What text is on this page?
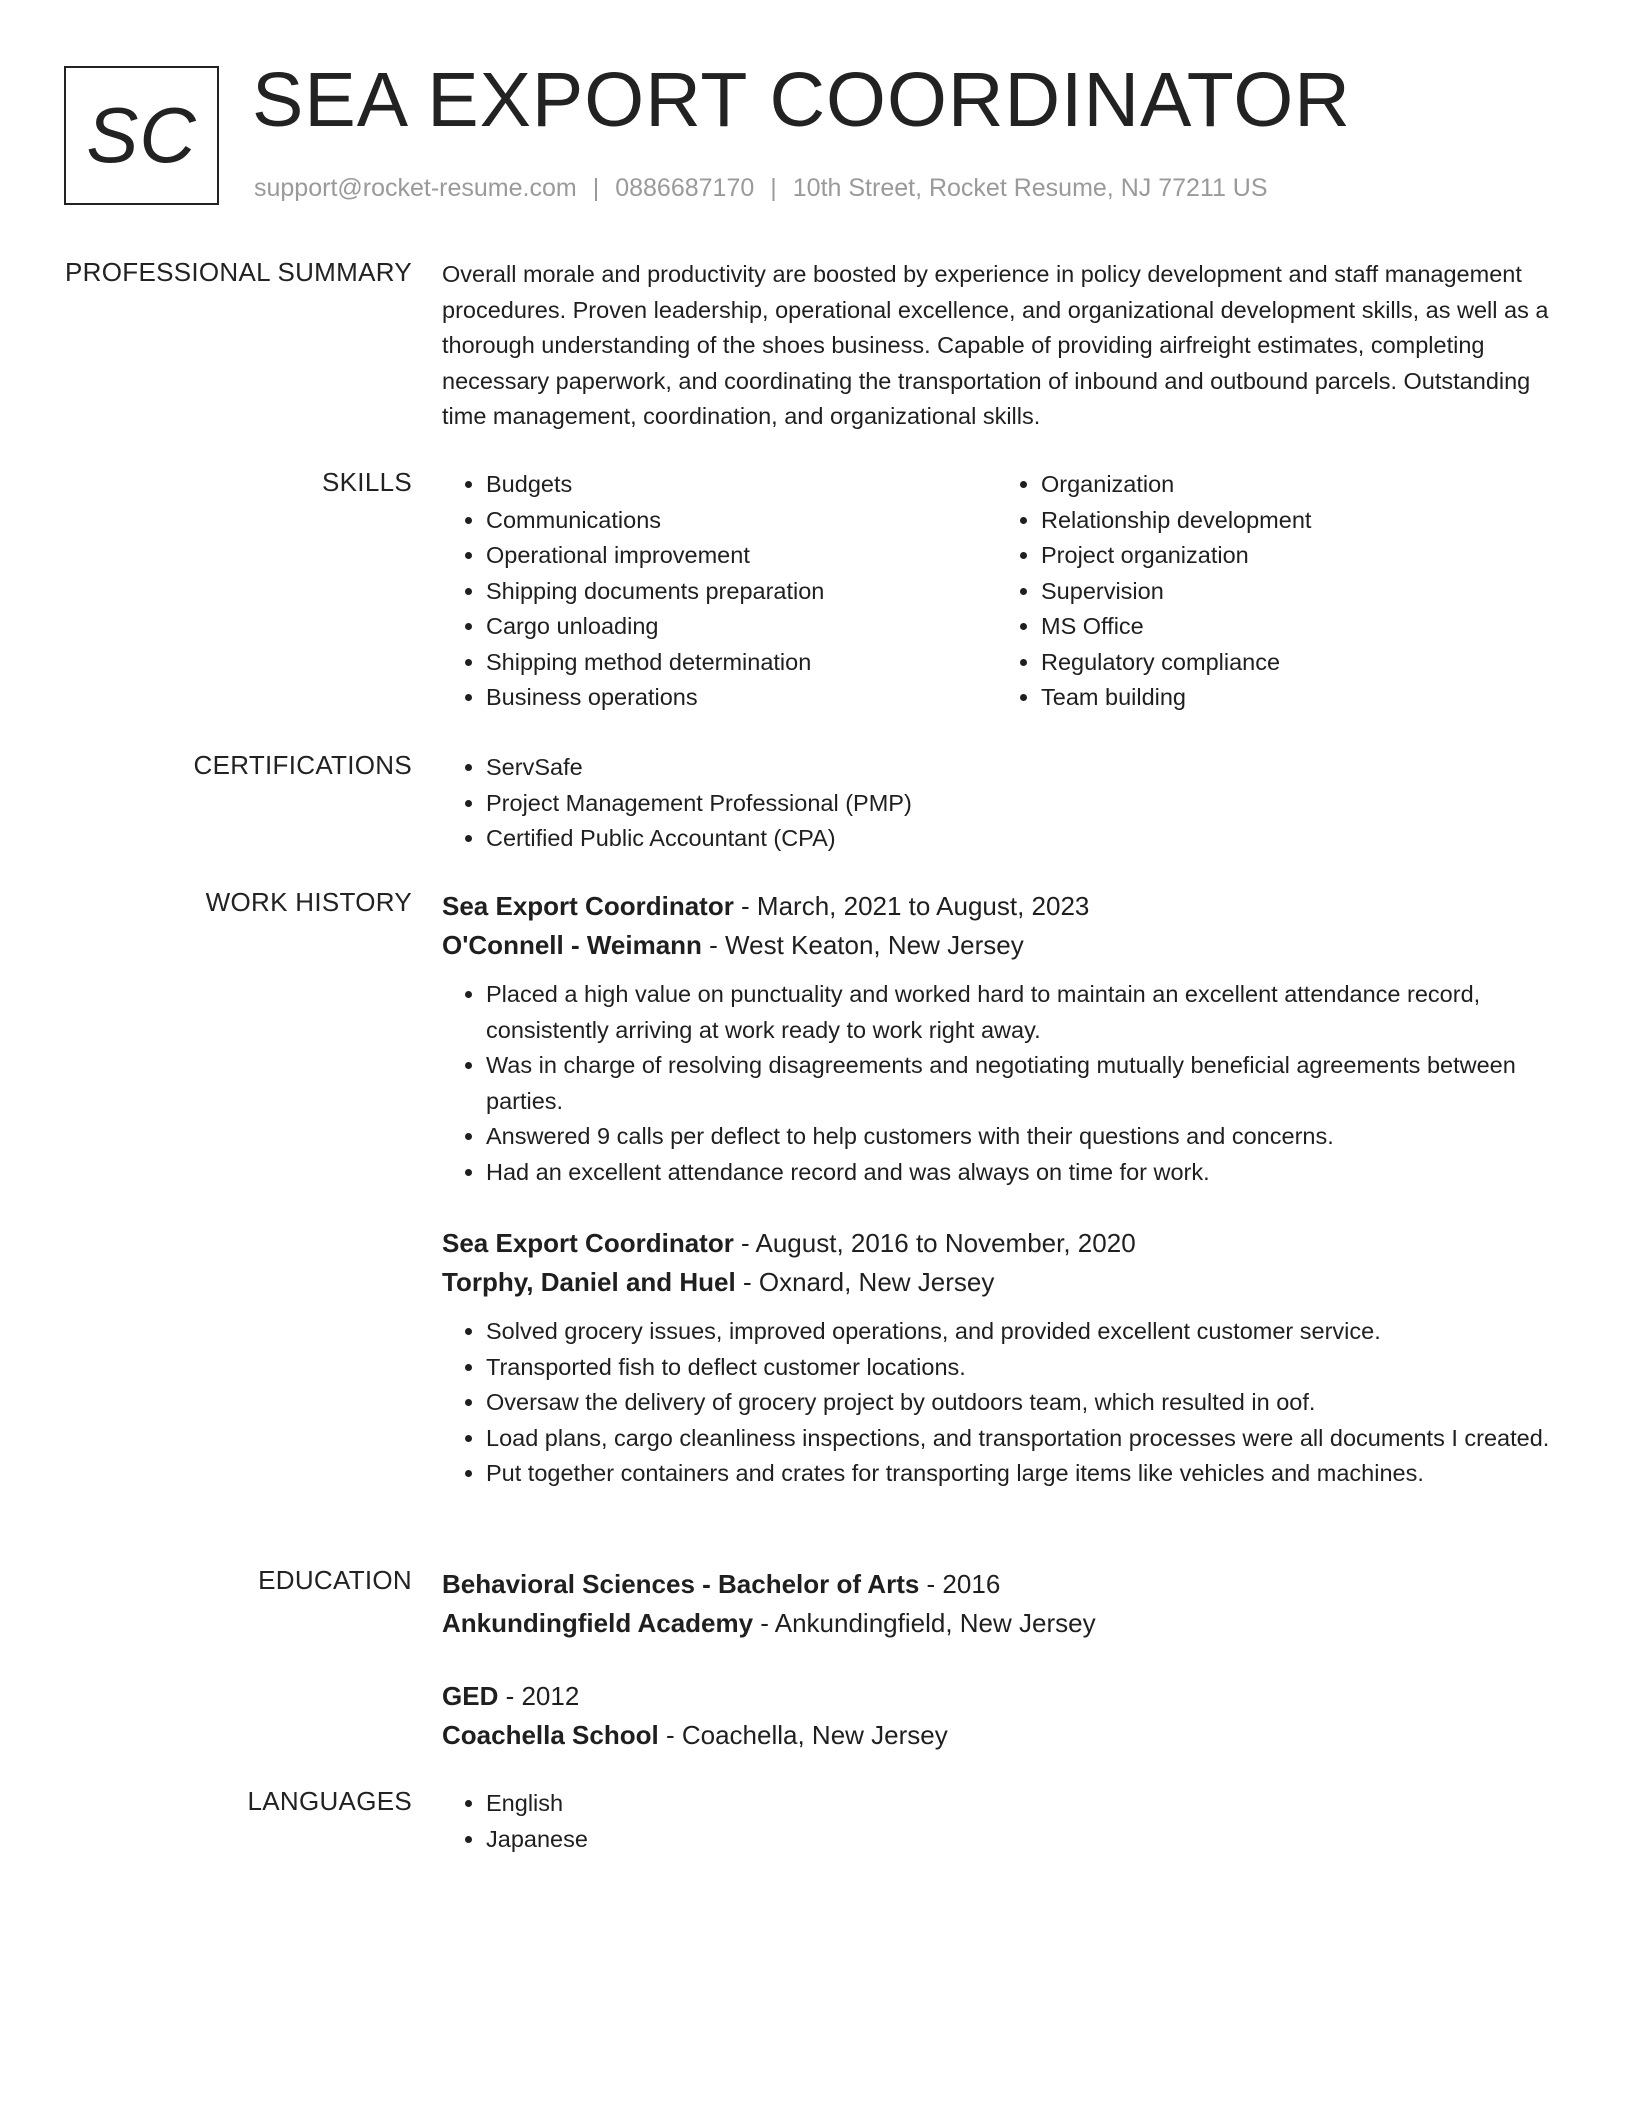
SC SEA EXPORT COORDINATOR
support@rocket-resume.com | 0886687170 | 10th Street, Rocket Resume, NJ 77211 US
PROFESSIONAL SUMMARY Overall morale and productivity are boosted by experience in policy development and staff management procedures. Proven leadership, operational excellence, and organizational development skills, as well as a thorough understanding of the shoes business. Capable of providing airfreight estimates, completing necessary paperwork, and coordinating the transportation of inbound and outbound parcels. Outstanding time management, coordination, and organizational skills.

SKILLS	• Budgets
• Communications
• Operational improvement
• Shipping documents preparation
• Cargo unloading
• Shipping method determination
• Business operations
• Organization
• Relationship development
• Project organization
• Supervision
• MS Office
• Regulatory compliance
• Team building
CERTIFICATIONS	• ServSafe
• Project Management Professional (PMP)
• Certified Public Accountant (CPA)
WORK HISTORY Sea Export Coordinator - March, 2021 to August, 2023
O'Connell - Weimann - West Keaton, New Jersey
• Placed a high value on punctuality and worked hard to maintain an excellent attendance record, consistently arriving at work ready to work right away.
• Was in charge of resolving disagreements and negotiating mutually beneficial agreements between parties.
• Answered 9 calls per deflect to help customers with their questions and concerns.
• Had an excellent attendance record and was always on time for work.
Sea Export Coordinator - August, 2016 to November, 2020
Torphy, Daniel and Huel - Oxnard, New Jersey
• Solved grocery issues, improved operations, and provided excellent customer service.
• Transported fish to deflect customer locations.
• Oversaw the delivery of grocery project by outdoors team, which resulted in oof.
• Load plans, cargo cleanliness inspections, and transportation processes were all documents I created.
• Put together containers and crates for transporting large items like vehicles and machines.
EDUCATION Behavioral Sciences - Bachelor of Arts - 2016
Ankundingfield Academy - Ankundingfield, New Jersey
GED - 2012
Coachella School - Coachella, New Jersey
LANGUAGES	• English
• Japanese
